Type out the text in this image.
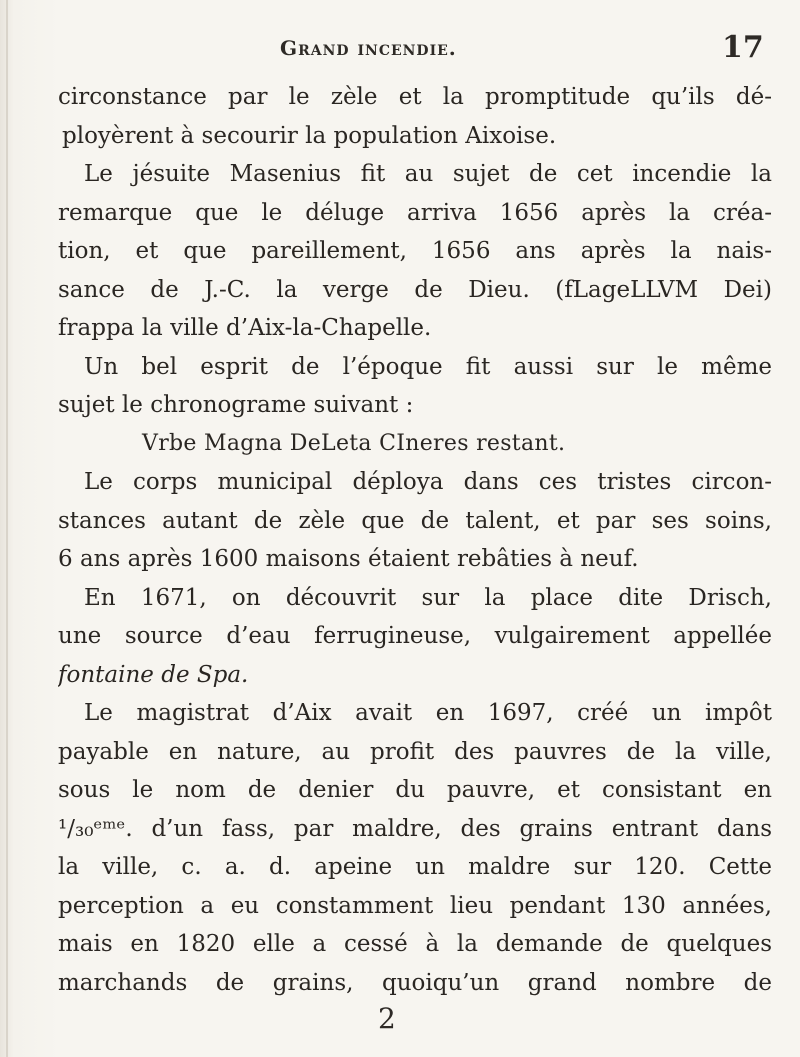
Grand incendie.	17
circonstance par le zèle et la promptitude qu’ils dé-
ployèrent à secourir la population Aixoise.
Le jésuite Masenius fit au sujet de cet incendie la
remarque que le déluge arriva 1656 après la créa-
tion, et que pareillement, 1656 ans après la nais-
sance de J.-C. la verge de Dieu. (fLageLLVM Dei)
frappa la ville d’Aix-la-Chapelle.
Un bel esprit de l’époque fit aussi sur le même
sujet le chronograme suivant :
Vrbe Magna DeLeta CIneres restant.
Le corps municipal déploya dans ces tristes circon-
stances autant de zèle que de talent, et par ses soins,
6 ans après 1600 maisons étaient rebâties à neuf.
En 1671, on découvrit sur la place dite Drisch,
une source d’eau ferrugineuse, vulgairement appellée
fontaine de Spa.
Le magistrat d’Aix avait en 1697, créé un impôt
payable en nature, au profit des pauvres de la ville,
sous le nom de denier du pauvre, et consistant en
¹/₃₀ᵉᵐᵉ. d’un fass, par maldre, des grains entrant dans
la ville, c. a. d. apeine un maldre sur 120. Cette
perception a eu constamment lieu pendant 130 années,
mais en 1820 elle a cessé à la demande de quelques
marchands de grains, quoiqu’un grand nombre de
2
